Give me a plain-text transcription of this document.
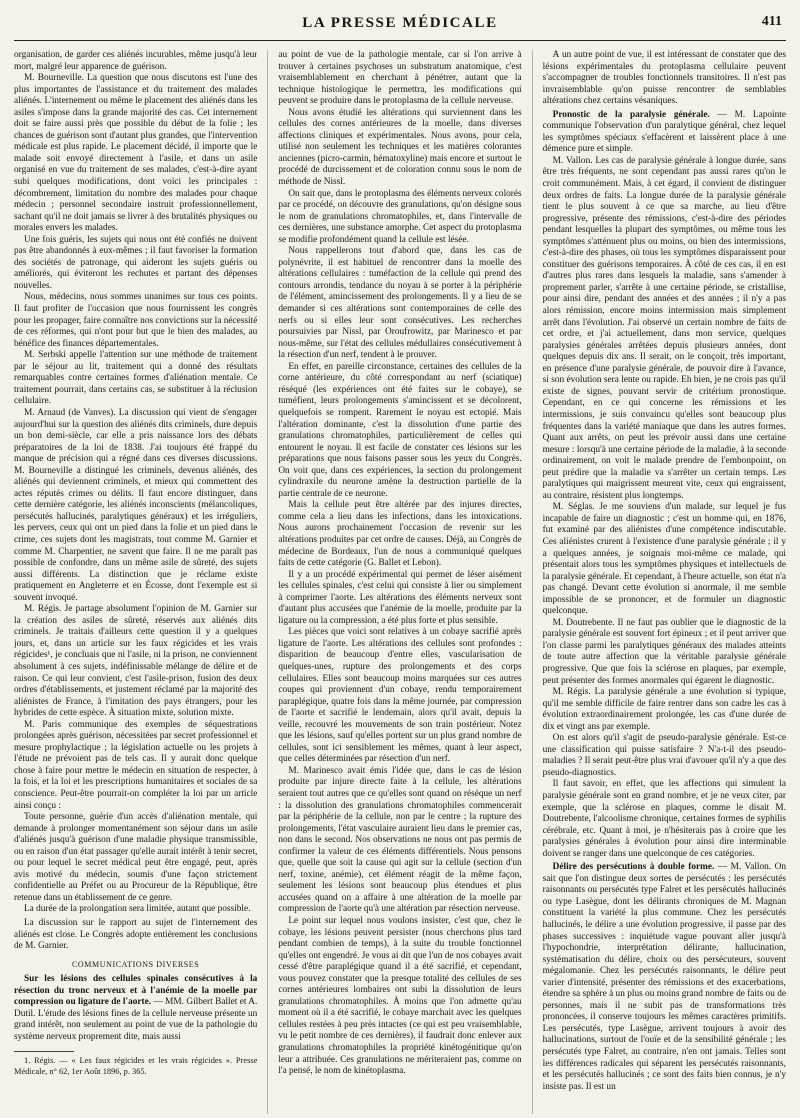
LA PRESSE MÉDICALE	411

organisation, de garder ces aliénés incurables, même jusqu'à leur mort, malgré leur apparence de guérison.

M. Bourneville. La question que nous discutons est l'une des plus importantes de l'assistance et du traitement des malades aliénés. L'internement ou même le placement des aliénés dans les asiles s'impose dans la grande majorité des cas. Cet internement doit se faire aussi près que possible du début de la folie ; les chances de guérison sont d'autant plus grandes, que l'intervention médicale est plus rapide. Le placement décidé, il importe que le malade soit envoyé directement à l'asile, et dans un asile organisé en vue du traitement de ses malades, c'est-à-dire ayant subi quelques modifications, dont voici les principales : décombrement, limitation du nombre des malades pour chaque médecin ; personnel secondaire instruit professionnellement, sachant qu'il ne doit jamais se livrer à des brutalités physiques ou morales envers les malades.

Une fois guéris, les sujets qui nous ont été confiés ne doivent pas être abandonnés à eux-mêmes ; il faut favoriser la formation des sociétés de patronage, qui aideront les sujets guéris ou améliorés, qui éviteront les rechutes et partant des dépenses nouvelles.

Nous, médecins, nous sommes unanimes sur tous ces points. Il faut profiter de l'occasion que nous fournissent les congrès pour les propager, faire connaître nos convictions sur la nécessité de ces réformes, qui n'ont pour but que le bien des malades, au bénéfice des finances départementales.

M. Serbski appelle l'attention sur une méthode de traitement par le séjour au lit, traitement qui a donné des résultats remarquables contre certaines formes d'aliénation mentale. Ce traitement pourrait, dans certains cas, se substituer à la réclusion cellulaire.

M. Arnaud (de Vanves). La discussion qui vient de s'engager aujourd'hui sur la question des aliénés dits criminels, dure depuis un bon demi-siècle, car elle a pris naissance lors des débats préparatoires de la loi de 1838. J'ai toujours été frappé du manque de précision qui a régné dans ces diverses discussions. M. Bourneville a distingué les criminels, devenus aliénés, des aliénés qui deviennent criminels, et mieux qui commettent des actes réputés crimes ou délits. Il faut encore distinguer, dans cette dernière catégorie, les aliénés inconscients (mélancoliques, persécutés hallucinés, paralytiques généraux) et les irréguliers, les pervers, ceux qui ont un pied dans la folie et un pied dans le crime, ces sujets dont les magistrats, tout comme M. Garnier et comme M. Charpentier, ne savent que faire. Il ne me paraît pas possible de confondre, dans un même asile de sûreté, des sujets aussi différents. La distinction que je réclame existe pratiquement en Angleterre et en Écosse, dont l'exemple est si souvent invoqué.

M. Régis. Je partage absolument l'opinion de M. Garnier sur la création des asiles de sûreté, réservés aux aliénés dits criminels. Je traitais d'ailleurs cette question il y a quelques jours, et, dans un article sur les faux régicides et les vrais régicides¹, je concluais que ni l'asile, ni la prison, ne conviennent absolument à ces sujets, indéfinissable mélange de délire et de raison. Ce qui leur convient, c'est l'asile-prison, fusion des deux ordres d'établissements, et justement réclamé par la majorité des aliénistes de France, à l'imitation des pays étrangers, pour les hybrides de cette espèce. À situation mixte, solution mixte.

M. Paris communique des exemples de séquestrations prolongées après guérison, nécessitées par secret professionnel et mesure prophylactique ; la législation actuelle ou les projets à l'étude ne prévoient pas de tels cas. Il y aurait donc quelque chose à faire pour mettre le médecin en situation de respecter, à la fois, et la loi et les prescriptions humanitaires et sociales de sa conscience. Peut-être pourrait-on compléter la loi par un article ainsi conçu :

Toute personne, guérie d'un accès d'aliénation mentale, qui demande à prolonger momentanément son séjour dans un asile d'aliénés jusqu'à guérison d'une maladie physique transmissible, ou en raison d'un état passager qu'elle aurait intérêt à tenir secret, ou pour lequel le secret médical peut être engagé, peut, après avis motivé du médecin, soumis d'une façon strictement confidentielle au Préfet ou au Procureur de la République, être retenue dans un établissement de ce genre.

La durée de la prolongation sera limitée, autant que possible.

La discussion sur le rapport au sujet de l'internement des aliénés est close. Le Congrès adopte entièrement les conclusions de M. Garnier.

COMMUNICATIONS DIVERSES

Sur les lésions des cellules spinales consécutives à la résection du tronc nerveux et à l'anémie de la moelle par compression ou ligature de l'aorte. — MM. Gilbert Ballet et A. Dutil. L'étude des lésions fines de la cellule nerveuse présente un grand intérêt, non seulement au point de vue de la pathologie du système nerveux proprement dite, mais aussi

1. Régis. — « Les faux régicides et les vrais régicides ». Presse Médicale, n° 62, 1er Août 1896, p. 365.

au point de vue de la pathologie mentale, car si l'on arrive à trouver à certaines psychoses un substratum anatomique, c'est vraisemblablement en cherchant à pénétrer, autant que la technique histologique le permettra, les modifications qui peuvent se produire dans le protoplasma de la cellule nerveuse.

Nous avons étudié les altérations qui surviennent dans les cellules des cornes antérieures de la moelle, dans diverses affections cliniques et expérimentales. Nous avons, pour cela, utilisé non seulement les techniques et les matières colorantes anciennes (picro-carmin, hématoxyline) mais encore et surtout le procédé de durcissement et de coloration connu sous le nom de méthode de Nissl.

On sait que, dans le protoplasma des éléments nerveux colorés par ce procédé, on découvre des granulations, qu'on désigne sous le nom de granulations chromatophiles, et, dans l'intervalle de ces dernières, une substance amorphe. Cet aspect du protoplasma se modifie profondément quand la cellule est lésée.

Nous rappellerons tout d'abord que, dans les cas de polynévrite, il est habituel de rencontrer dans la moelle des altérations cellulaires : tuméfaction de la cellule qui prend des contours arrondis, tendance du noyau à se porter à la périphérie de l'élément, amincissement des prolongements. Il y a lieu de se demander si ces altérations sont contemporaines de celle des nerfs ou si elles leur sont consécutives. Les recherches poursuivies par Nissl, par Oroufrowitz, par Marinesco et par nous-même, sur l'état des cellules médullaires consécutivement à la résection d'un nerf, tendent à le prouver.

En effet, en pareille circonstance, certaines des cellules de la corne antérieure, du côté correspondant au nerf (sciatique) réséqué (les expériences ont été faites sur le cobaye), se tuméfient, leurs prolongements s'amincissent et se décolorent, quelquefois se rompent. Rarement le noyau est ectopié. Mais l'altération dominante, c'est la dissolution d'une partie des granulations chromatophiles, particulièrement de celles qui entourent le noyau. Il est facile de constater ces lésions sur les préparations que nous faisons passer sous les yeux du Congrès. On voit que, dans ces expériences, la section du prolongement cylindraxile du neurone amène la destruction partielle de la partie centrale de ce neurone.

Mais la cellule peut être altérée par des injures directes, comme cela a lieu dans les infections, dans les intoxications. Nous aurons prochainement l'occasion de revenir sur les altérations produites par cet ordre de causes. Déjà, au Congrès de médecine de Bordeaux, l'un de nous a communiqué quelques faits de cette catégorie (G. Ballet et Lebon).

Il y a un procédé expérimental qui permet de léser aisément les cellules spinales, c'est celui qui consiste à lier ou simplement à comprimer l'aorte. Les altérations des éléments nerveux sont d'autant plus accusées que l'anémie de la moelle, produite par la ligature ou la compression, a été plus forte et plus sensible.

Les pièces que voici sont relatives à un cobaye sacrifié après ligature de l'aorte. Les altérations des cellules sont profondes : disparition de beaucoup d'entre elles, vascularisation de quelques-unes, rupture des prolongements et des corps cellulaires. Elles sont beaucoup moins marquées sur ces autres coupes qui proviennent d'un cobaye, rendu temporairement paraplégique, quatre fois dans la même journée, par compression de l'aorte et sacrifié le lendemain, alors qu'il avait, depuis la veille, recouvré les mouvements de son train postérieur. Notez que les lésions, sauf qu'elles portent sur un plus grand nombre de cellules, sont ici sensiblement les mêmes, quant à leur aspect, que celles déterminées par résection d'un nerf.

M. Marinesco avait émis l'idée que, dans le cas de lésion produite par injure directe faite à la cellule, les altérations seraient tout autres que ce qu'elles sont quand on résèque un nerf : la dissolution des granulations chromatophiles commencerait par la périphérie de la cellule, non par le centre ; la rupture des prolongements, l'état vasculaire auraient lieu dans le premier cas, non dans le second. Nos observations ne nous ont pas permis de confirmer la valeur de ces éléments différentiels. Nous pensons que, quelle que soit la cause qui agit sur la cellule (section d'un nerf, toxine, anémie), cet élément réagit de la même façon, seulement les lésions sont beaucoup plus étendues et plus accusées quand on a affaire à une altération de la moelle par compression de l'aorte qu'à une altération par résection nerveuse.

Le point sur lequel nous voulons insister, c'est que, chez le cobaye, les lésions peuvent persister (nous cherchons plus tard pendant combien de temps), à la suite du trouble fonctionnel qu'elles ont engendré. Je vous ai dit que l'un de nos cobayes avait cessé d'être paraplégique quand il a été sacrifié, et cependant, vous pouvez constater que la presque totalité des cellules de ses cornes antérieures lombaires ont subi la dissolution de leurs granulations chromatophiles. À moins que l'on admette qu'au moment où il a été sacrifié, le cobaye marchait avec les quelques cellules restées à peu près intactes (ce qui est peu vraisemblable, vu le petit nombre de ces dernières), il faudrait donc enlever aux granulations chromatophiles la propriété kinétogénitique qu'on leur a attribuée. Ces granulations ne mériteraient pas, comme on l'a pensé, le nom de kinétoplasma.

À un autre point de vue, il est intéressant de constater que des lésions expérimentales du protoplasma cellulaire peuvent s'accompagner de troubles fonctionnels transitoires. Il n'est pas invraisemblable qu'on puisse rencontrer de semblables altérations chez certains vésaniques.

Pronostic de la paralysie générale. — M. Lapointe communique l'observation d'un paralytique général, chez lequel les symptômes spéciaux s'effacèrent et laissèrent place à une démence pure et simple.

M. Vallon. Les cas de paralysie générale à longue durée, sans être très fréquents, ne sont cependant pas aussi rares qu'on le croit communément. Mais, à cet égard, il convient de distinguer deux ordres de faits. La longue durée de la paralysie générale tient le plus souvent à ce que sa marche, au lieu d'être progressive, présente des rémissions, c'est-à-dire des périodes pendant lesquelles la plupart des symptômes, ou même tous les symptômes s'atténuent plus ou moins, ou bien des intermissions, c'est-à-dire des phases, où tous les symptômes disparaissent pour constituer des guérisons temporaires. À côté de ces cas, il en est d'autres plus rares dans lesquels la maladie, sans s'amender à proprement parler, s'arrête à une certaine période, se cristallise, pour ainsi dire, pendant des années et des années ; il n'y a pas alors rémission, encore moins intermission mais simplement arrêt dans l'évolution. J'ai observé un certain nombre de faits de cet ordre, et j'ai actuellement, dans mon service, quelques paralysies générales arrêtées depuis plusieurs années, dont quelques depuis dix ans. Il serait, on le conçoit, très important, en présence d'une paralysie générale, de pouvoir dire à l'avance, si son évolution sera lente ou rapide. Eh bien, je ne crois pas qu'il existe de signes, pouvant servir de critérium pronostique. Cependant, en ce qui concerne les rémissions et les intermissions, je suis convaincu qu'elles sont beaucoup plus fréquentes dans la variété maniaque que dans les autres formes. Quant aux arrêts, on peut les prévoir aussi dans une certaine mesure : lorsqu'à une certaine période de la maladie, à la seconde ordinairement, on voit le malade prendre de l'embonpoint, on peut prédire que la maladie va s'arrêter un certain temps. Les paralytiques qui maigrissent meurent vite, ceux qui engraissent, au contraire, résistent plus longtemps.

M. Séglas. Je me souviens d'un malade, sur lequel je fus incapable de faire un diagnostic ; c'est un homme qui, en 1876, fut examiné par des aliénistes d'une compétence indiscutable. Ces aliénistes crurent à l'existence d'une paralysie générale ; il y a quelques années, je soignais moi-même ce malade, qui présentait alors tous les symptômes physiques et intellectuels de la paralysie générale. Et cependant, à l'heure actuelle, son état n'a pas changé. Devant cette évolution si anormale, il me semble impossible de se prononcer, et de formuler un diagnostic quelconque.

M. Doutrebente. Il ne faut pas oublier que le diagnostic de la paralysie générale est souvent fort épineux ; et il peut arriver que l'on classe parmi les paralytiques généraux des malades atteints de toute autre affection que la véritable paralysie générale progressive. Que que fois la sclérose en plaques, par exemple, peut présenter des formes anormales qui égarent le diagnostic.

M. Régis. La paralysie générale a une évolution si typique, qu'il me semble difficile de faire rentrer dans son cadre les cas à évolution extraordinairement prolongée, les cas d'une durée de dix et vingt ans par exemple.

On est alors qu'il s'agit de pseudo-paralysie générale. Est-ce une classification qui puisse satisfaire ? N'a-t-il des pseudo-maladies ? Il serait peut-être plus vrai d'avouer qu'il n'y a que des pseudo-diagnostics.

Il faut savoir, en effet, que les affections qui simulent la paralysie générale sont en grand nombre, et je ne veux citer, par exemple, que la sclérose en plaques, comme le disait M. Doutrebente, l'alcoolisme chronique, certaines formes de syphilis cérébrale, etc. Quant à moi, je n'hésiterais pas à croire que les paralysies générales à évolution pour ainsi dire interminable doivent se ranger dans une quelconque de ces catégories.

Délire des persécutions à double forme. — M. Vallon. On sait que l'on distingue deux sortes de persécutés : les persécutés raisonnants ou persécutés type Falret et les persécutés hallucinés ou type Lasègue, dont les délirants chroniques de M. Magnan constituent la variété la plus commune. Chez les persécutés hallucinés, le délire a une évolution progressive, il passe par des phases successives : inquiétude vague pouvant aller jusqu'à l'hypochondrie, interprétation délirante, hallucination, systématisation du délire, choix ou des persécuteurs, souvent mégalomanie. Chez les persécutés raisonnants, le délire peut varier d'intensité, présenter des rémissions et des exacerbations, étendre sa sphère à un plus ou moins grand nombre de faits ou de personnes, mais il ne subit pas de transformations très prononcées, il conserve toujours les mêmes caractères primitifs. Les persécutés, type Lasègue, arrivent toujours à avoir des hallucinations, surtout de l'ouïe et de la sensibilité générale ; les persécutés type Falret, au contraire, n'en ont jamais. Telles sont les différences radicales qui séparent les persécutés raisonnants, et les persécutés hallucinés ; ce sont des faits bien connus, je n'y insiste pas. Il est un
